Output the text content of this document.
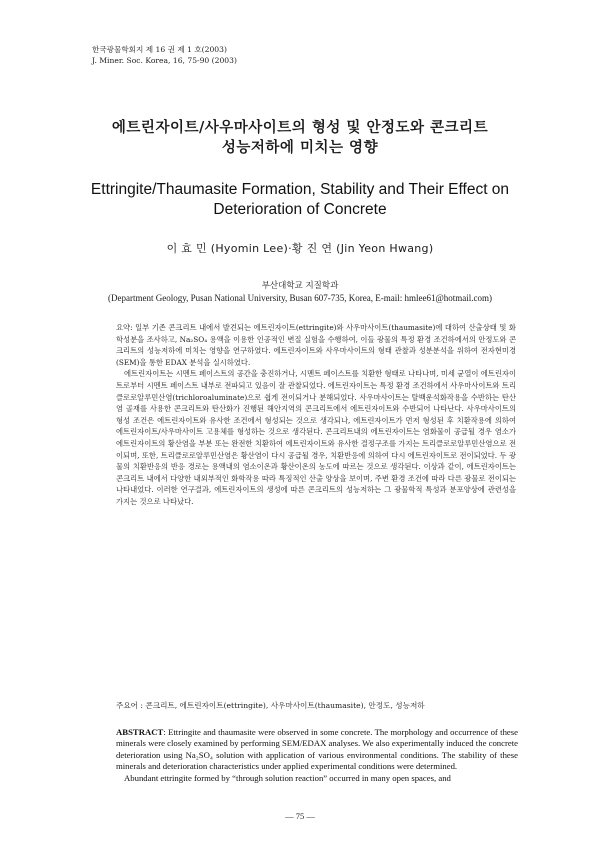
한국광물학회지 제 16 권 제 1 호(2003)
J. Miner. Soc. Korea, 16, 75-90 (2003)
에트린자이트/사우마사이트의 형성 및 안정도와 콘크리트
성능저하에 미치는 영향
Ettringite/Thaumasite Formation, Stability and Their Effect on
Deterioration of Concrete
이 효 민 (Hyomin Lee)·황 진 연 (Jin Yeon Hwang)
부산대학교 지질학과
(Department Geology, Pusan National University, Busan 607-735, Korea, E-mail: hmlee61@hotmail.com)

요약: 일부 기존 콘크리트 내에서 발견되는 에트린자이트(ettringite)와 사우마사이트(thaumasite)에 대하여 산출상태 및 화학성분을 조사하고, Na₂SO₄ 용액을 이용한 인공적인 변질 실험을 수행하여, 이들 광물의 특정 환경 조건하에서의 안정도와 콘크리트의 성능저하에 미치는 영향을 연구하였다. 에트린자이트와 사우마사이트의 형태 관찰과 성분분석을 위하여 전자현미경(SEM)을 통한 EDAX 분석을 실시하였다.

에트린자이트는 시멘트 페이스트의 공간을 충진하거나, 시멘트 페이스트를 치환한 형태로 나타나며, 미세 균열이 에트린자이트로부터 시멘트 페이스트 내부로 전파되고 있음이 잘 관찰되었다. 에트린자이트는 특정 환경 조건하에서 사우마사이트와 트리클로로알루민산염(trichloroaluminate)으로 쉽게 전이되거나 분해되었다. 사우마사이트는 탈백운석화작용을 수반하는 탄산염 골재를 사용한 콘크리트와 탄산화가 진행된 해안지역의 콘크리트에서 에트린자이트와 수반되어 나타난다. 사우마사이트의 형성 조건은 에트린자이트와 유사한 조건에서 형성되는 것으로 생각되나, 에트린자이트가 먼저 형성된 후 치환작용에 의하여 에트린자이트/사우마사이트 고용체를 형성하는 것으로 생각된다. 콘크리트내의 에트린자이트는 염화물이 공급될 경우 염소가 에트린자이트의 황산염을 부분 또는 완전한 치환하여 에트린자이트와 유사한 결정구조를 가지는 트리클로로알루민산염으로 전이되며, 또한, 트리클로로알루민산염은 황산염이 다시 공급될 경우, 치환반응에 의하여 다시 에트린자이트로 전이되었다. 두 광물의 치환반응의 반응 경로는 용액내의 염소이온과 황산이온의 농도에 따르는 것으로 생각된다. 이상과 같이, 에트린자이트는 콘크리트 내에서 다양한 내외부적인 화학작용 따라 특징적인 산출 양상을 보이며, 주변 환경 조건에 따라 다른 광물로 전이되는 나타내었다. 이러한 연구결과, 에트린자이트의 생성에 따른 콘크리트의 성능저하는 그 광물학적 특성과 분포양상에 관련성을 가지는 것으로 나타났다.

주요어 : 콘크리트, 에트린자이트(ettringite), 사우마사이트(thaumasite), 안정도, 성능저하

ABSTRACT: Ettringite and thaumasite were observed in some concrete. The morphology and occurrence of these minerals were closely examined by performing SEM/EDAX analyses. We also experimentally induced the concrete deterioration using Na₂SO₄ solution with application of various environmental conditions. The stability of these minerals and deterioration characteristics under applied experimental conditions were determined.

Abundant ettringite formed by “through solution reaction” occurred in many open spaces, and

— 75 —
